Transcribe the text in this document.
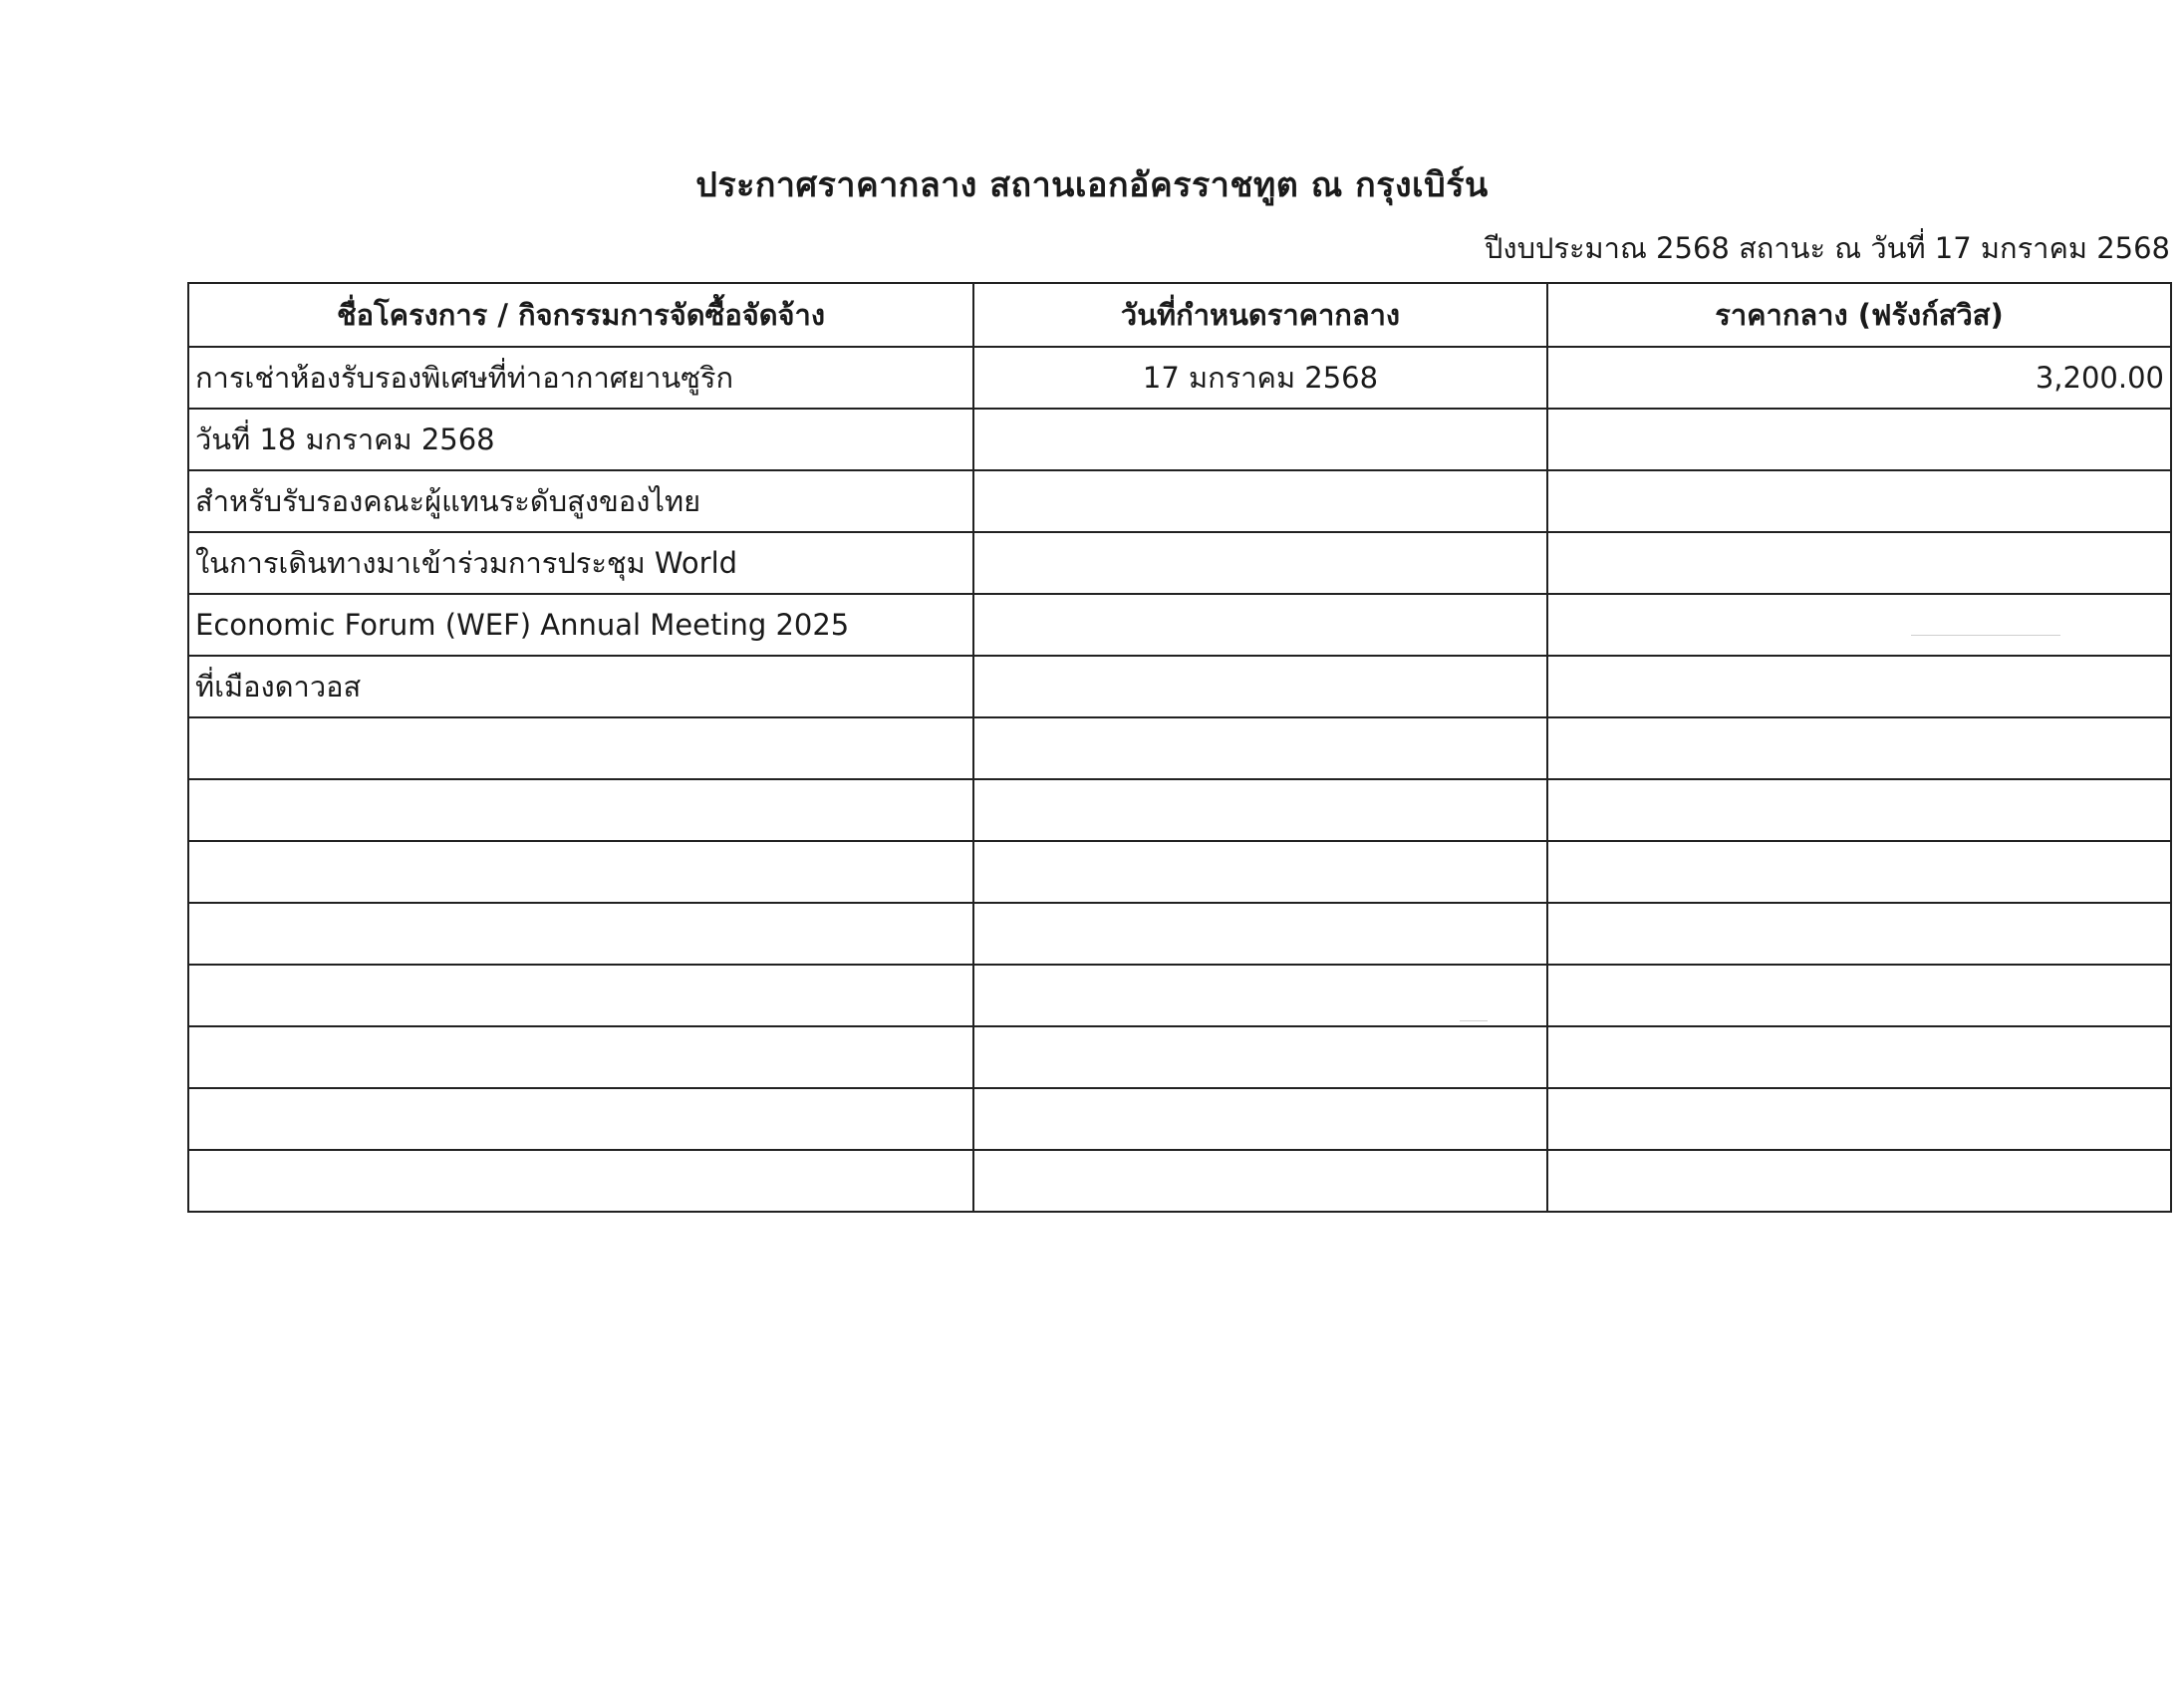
ประกาศราคากลาง สถานเอกอัครราชทูต ณ กรุงเบิร์น
ปีงบประมาณ 2568 สถานะ ณ วันที่ 17 มกราคม 2568
ชื่อโครงการ / กิจกรรมการจัดซื้อจัดจ้าง	วันที่กำหนดราคากลาง	ราคากลาง (ฟรังก์สวิส)
การเช่าห้องรับรองพิเศษที่ท่าอากาศยานซูริก	17 มกราคม 2568	3,200.00
วันที่ 18 มกราคม 2568		
สำหรับรับรองคณะผู้แทนระดับสูงของไทย		
ในการเดินทางมาเข้าร่วมการประชุม World		
Economic Forum (WEF) Annual Meeting 2025		
ที่เมืองดาวอส		
